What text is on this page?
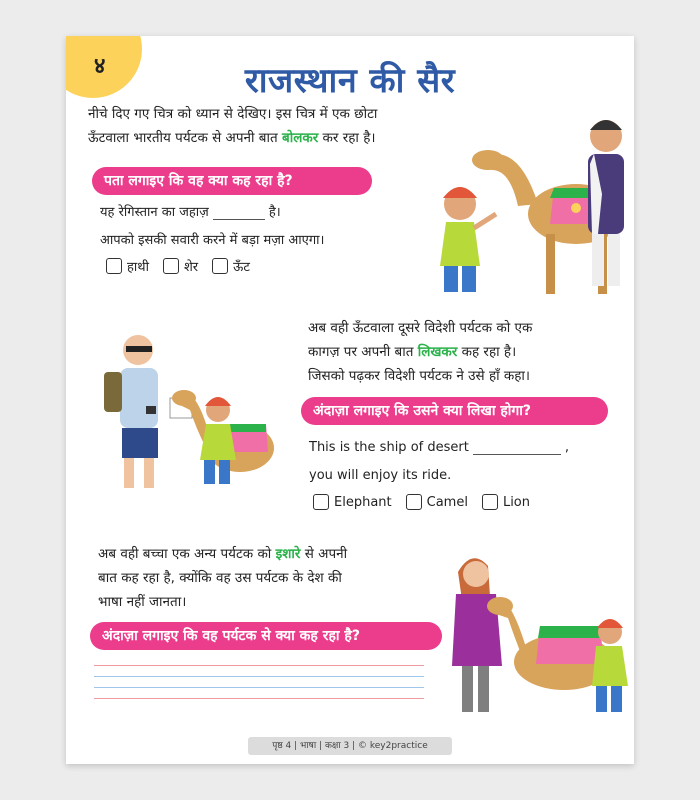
४	राजस्थान की सैर
नीचे दिए गए चित्र को ध्यान से देखिए। इस चित्र में एक छोटा
ऊँटवाला भारतीय पर्यटक से अपनी बात बोलकर कर रहा है।
पता लगाइए कि वह क्या कह रहा है?
यह रेगिस्तान का जहाज़	है।
आपको इसकी सवारी करने में बड़ा मज़ा आएगा।
हाथी	शेर	ऊँट
अब वही ऊँटवाला दूसरे विदेशी पर्यटक को एक
कागज़ पर अपनी बात लिखकर कह रहा है।
जिसको पढ़कर विदेशी पर्यटक ने उसे हाँ कहा।
अंदाज़ा लगाइए कि उसने क्या लिखा होगा?
This is the ship of desert	,
you will enjoy its ride.
Elephant	Camel	Lion
अब वही बच्चा एक अन्य पर्यटक को इशारे से अपनी
बात कह रहा है, क्योंकि वह उस पर्यटक के देश की
भाषा नहीं जानता।
अंदाज़ा लगाइए कि वह पर्यटक से क्या कह रहा है?
पृष्ठ 4 | भाषा | कक्षा 3 | © key2practice
